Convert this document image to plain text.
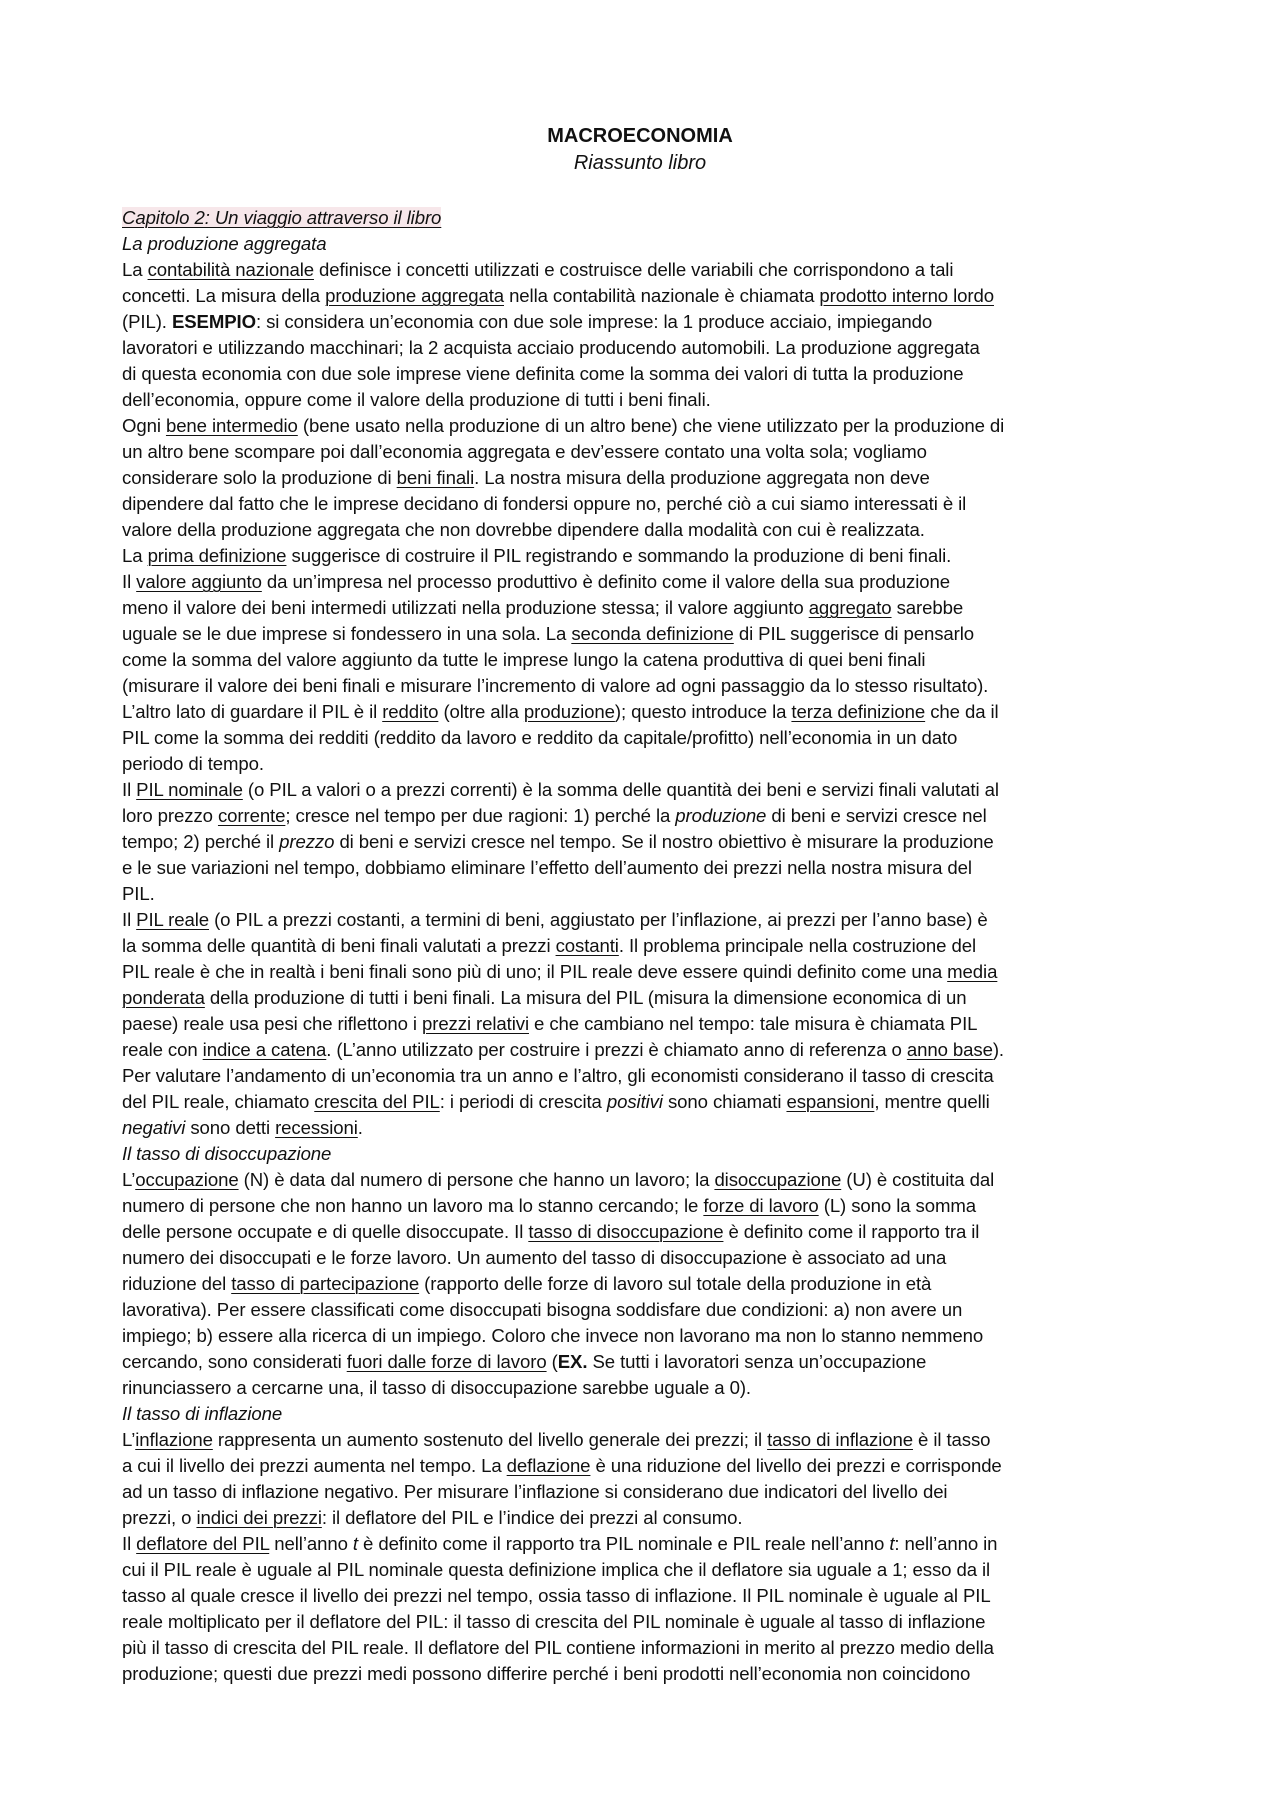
MACROECONOMIA
Riassunto libro
Capitolo 2: Un viaggio attraverso il libro
La produzione aggregata
La contabilità nazionale definisce i concetti utilizzati e costruisce delle variabili che corrispondono a tali
concetti. La misura della produzione aggregata nella contabilità nazionale è chiamata prodotto interno lordo
(PIL). ESEMPIO: si considera un’economia con due sole imprese: la 1 produce acciaio, impiegando
lavoratori e utilizzando macchinari; la 2 acquista acciaio producendo automobili. La produzione aggregata
di questa economia con due sole imprese viene definita come la somma dei valori di tutta la produzione
dell’economia, oppure come il valore della produzione di tutti i beni finali.
Ogni bene intermedio (bene usato nella produzione di un altro bene) che viene utilizzato per la produzione di
un altro bene scompare poi dall’economia aggregata e dev’essere contato una volta sola; vogliamo
considerare solo la produzione di beni finali. La nostra misura della produzione aggregata non deve
dipendere dal fatto che le imprese decidano di fondersi oppure no, perché ciò a cui siamo interessati è il
valore della produzione aggregata che non dovrebbe dipendere dalla modalità con cui è realizzata.
La prima definizione suggerisce di costruire il PIL registrando e sommando la produzione di beni finali.
Il valore aggiunto da un’impresa nel processo produttivo è definito come il valore della sua produzione
meno il valore dei beni intermedi utilizzati nella produzione stessa; il valore aggiunto aggregato sarebbe
uguale se le due imprese si fondessero in una sola. La seconda definizione di PIL suggerisce di pensarlo
come la somma del valore aggiunto da tutte le imprese lungo la catena produttiva di quei beni finali
(misurare il valore dei beni finali e misurare l’incremento di valore ad ogni passaggio da lo stesso risultato).
L’altro lato di guardare il PIL è il reddito (oltre alla produzione); questo introduce la terza definizione che da il
PIL come la somma dei redditi (reddito da lavoro e reddito da capitale/profitto) nell’economia in un dato
periodo di tempo.
Il PIL nominale (o PIL a valori o a prezzi correnti) è la somma delle quantità dei beni e servizi finali valutati al
loro prezzo corrente; cresce nel tempo per due ragioni: 1) perché la produzione di beni e servizi cresce nel
tempo; 2) perché il prezzo di beni e servizi cresce nel tempo. Se il nostro obiettivo è misurare la produzione
e le sue variazioni nel tempo, dobbiamo eliminare l’effetto dell’aumento dei prezzi nella nostra misura del
PIL.
Il PIL reale (o PIL a prezzi costanti, a termini di beni, aggiustato per l’inflazione, ai prezzi per l’anno base) è
la somma delle quantità di beni finali valutati a prezzi costanti. Il problema principale nella costruzione del
PIL reale è che in realtà i beni finali sono più di uno; il PIL reale deve essere quindi definito come una media
ponderata della produzione di tutti i beni finali. La misura del PIL (misura la dimensione economica di un
paese) reale usa pesi che riflettono i prezzi relativi e che cambiano nel tempo: tale misura è chiamata PIL
reale con indice a catena. (L’anno utilizzato per costruire i prezzi è chiamato anno di referenza o anno base).
Per valutare l’andamento di un’economia tra un anno e l’altro, gli economisti considerano il tasso di crescita
del PIL reale, chiamato crescita del PIL: i periodi di crescita positivi sono chiamati espansioni, mentre quelli
negativi sono detti recessioni.
Il tasso di disoccupazione
L’occupazione (N) è data dal numero di persone che hanno un lavoro; la disoccupazione (U) è costituita dal
numero di persone che non hanno un lavoro ma lo stanno cercando; le forze di lavoro (L) sono la somma
delle persone occupate e di quelle disoccupate. Il tasso di disoccupazione è definito come il rapporto tra il
numero dei disoccupati e le forze lavoro. Un aumento del tasso di disoccupazione è associato ad una
riduzione del tasso di partecipazione (rapporto delle forze di lavoro sul totale della produzione in età
lavorativa). Per essere classificati come disoccupati bisogna soddisfare due condizioni: a) non avere un
impiego; b) essere alla ricerca di un impiego. Coloro che invece non lavorano ma non lo stanno nemmeno
cercando, sono considerati fuori dalle forze di lavoro (EX. Se tutti i lavoratori senza un’occupazione
rinunciassero a cercarne una, il tasso di disoccupazione sarebbe uguale a 0).
Il tasso di inflazione
L’inflazione rappresenta un aumento sostenuto del livello generale dei prezzi; il tasso di inflazione è il tasso
a cui il livello dei prezzi aumenta nel tempo. La deflazione è una riduzione del livello dei prezzi e corrisponde
ad un tasso di inflazione negativo. Per misurare l’inflazione si considerano due indicatori del livello dei
prezzi, o indici dei prezzi: il deflatore del PIL e l’indice dei prezzi al consumo.
Il deflatore del PIL nell’anno t è definito come il rapporto tra PIL nominale e PIL reale nell’anno t: nell’anno in
cui il PIL reale è uguale al PIL nominale questa definizione implica che il deflatore sia uguale a 1; esso da il
tasso al quale cresce il livello dei prezzi nel tempo, ossia tasso di inflazione. Il PIL nominale è uguale al PIL
reale moltiplicato per il deflatore del PIL: il tasso di crescita del PIL nominale è uguale al tasso di inflazione
più il tasso di crescita del PIL reale. Il deflatore del PIL contiene informazioni in merito al prezzo medio della
produzione; questi due prezzi medi possono differire perché i beni prodotti nell’economia non coincidono
